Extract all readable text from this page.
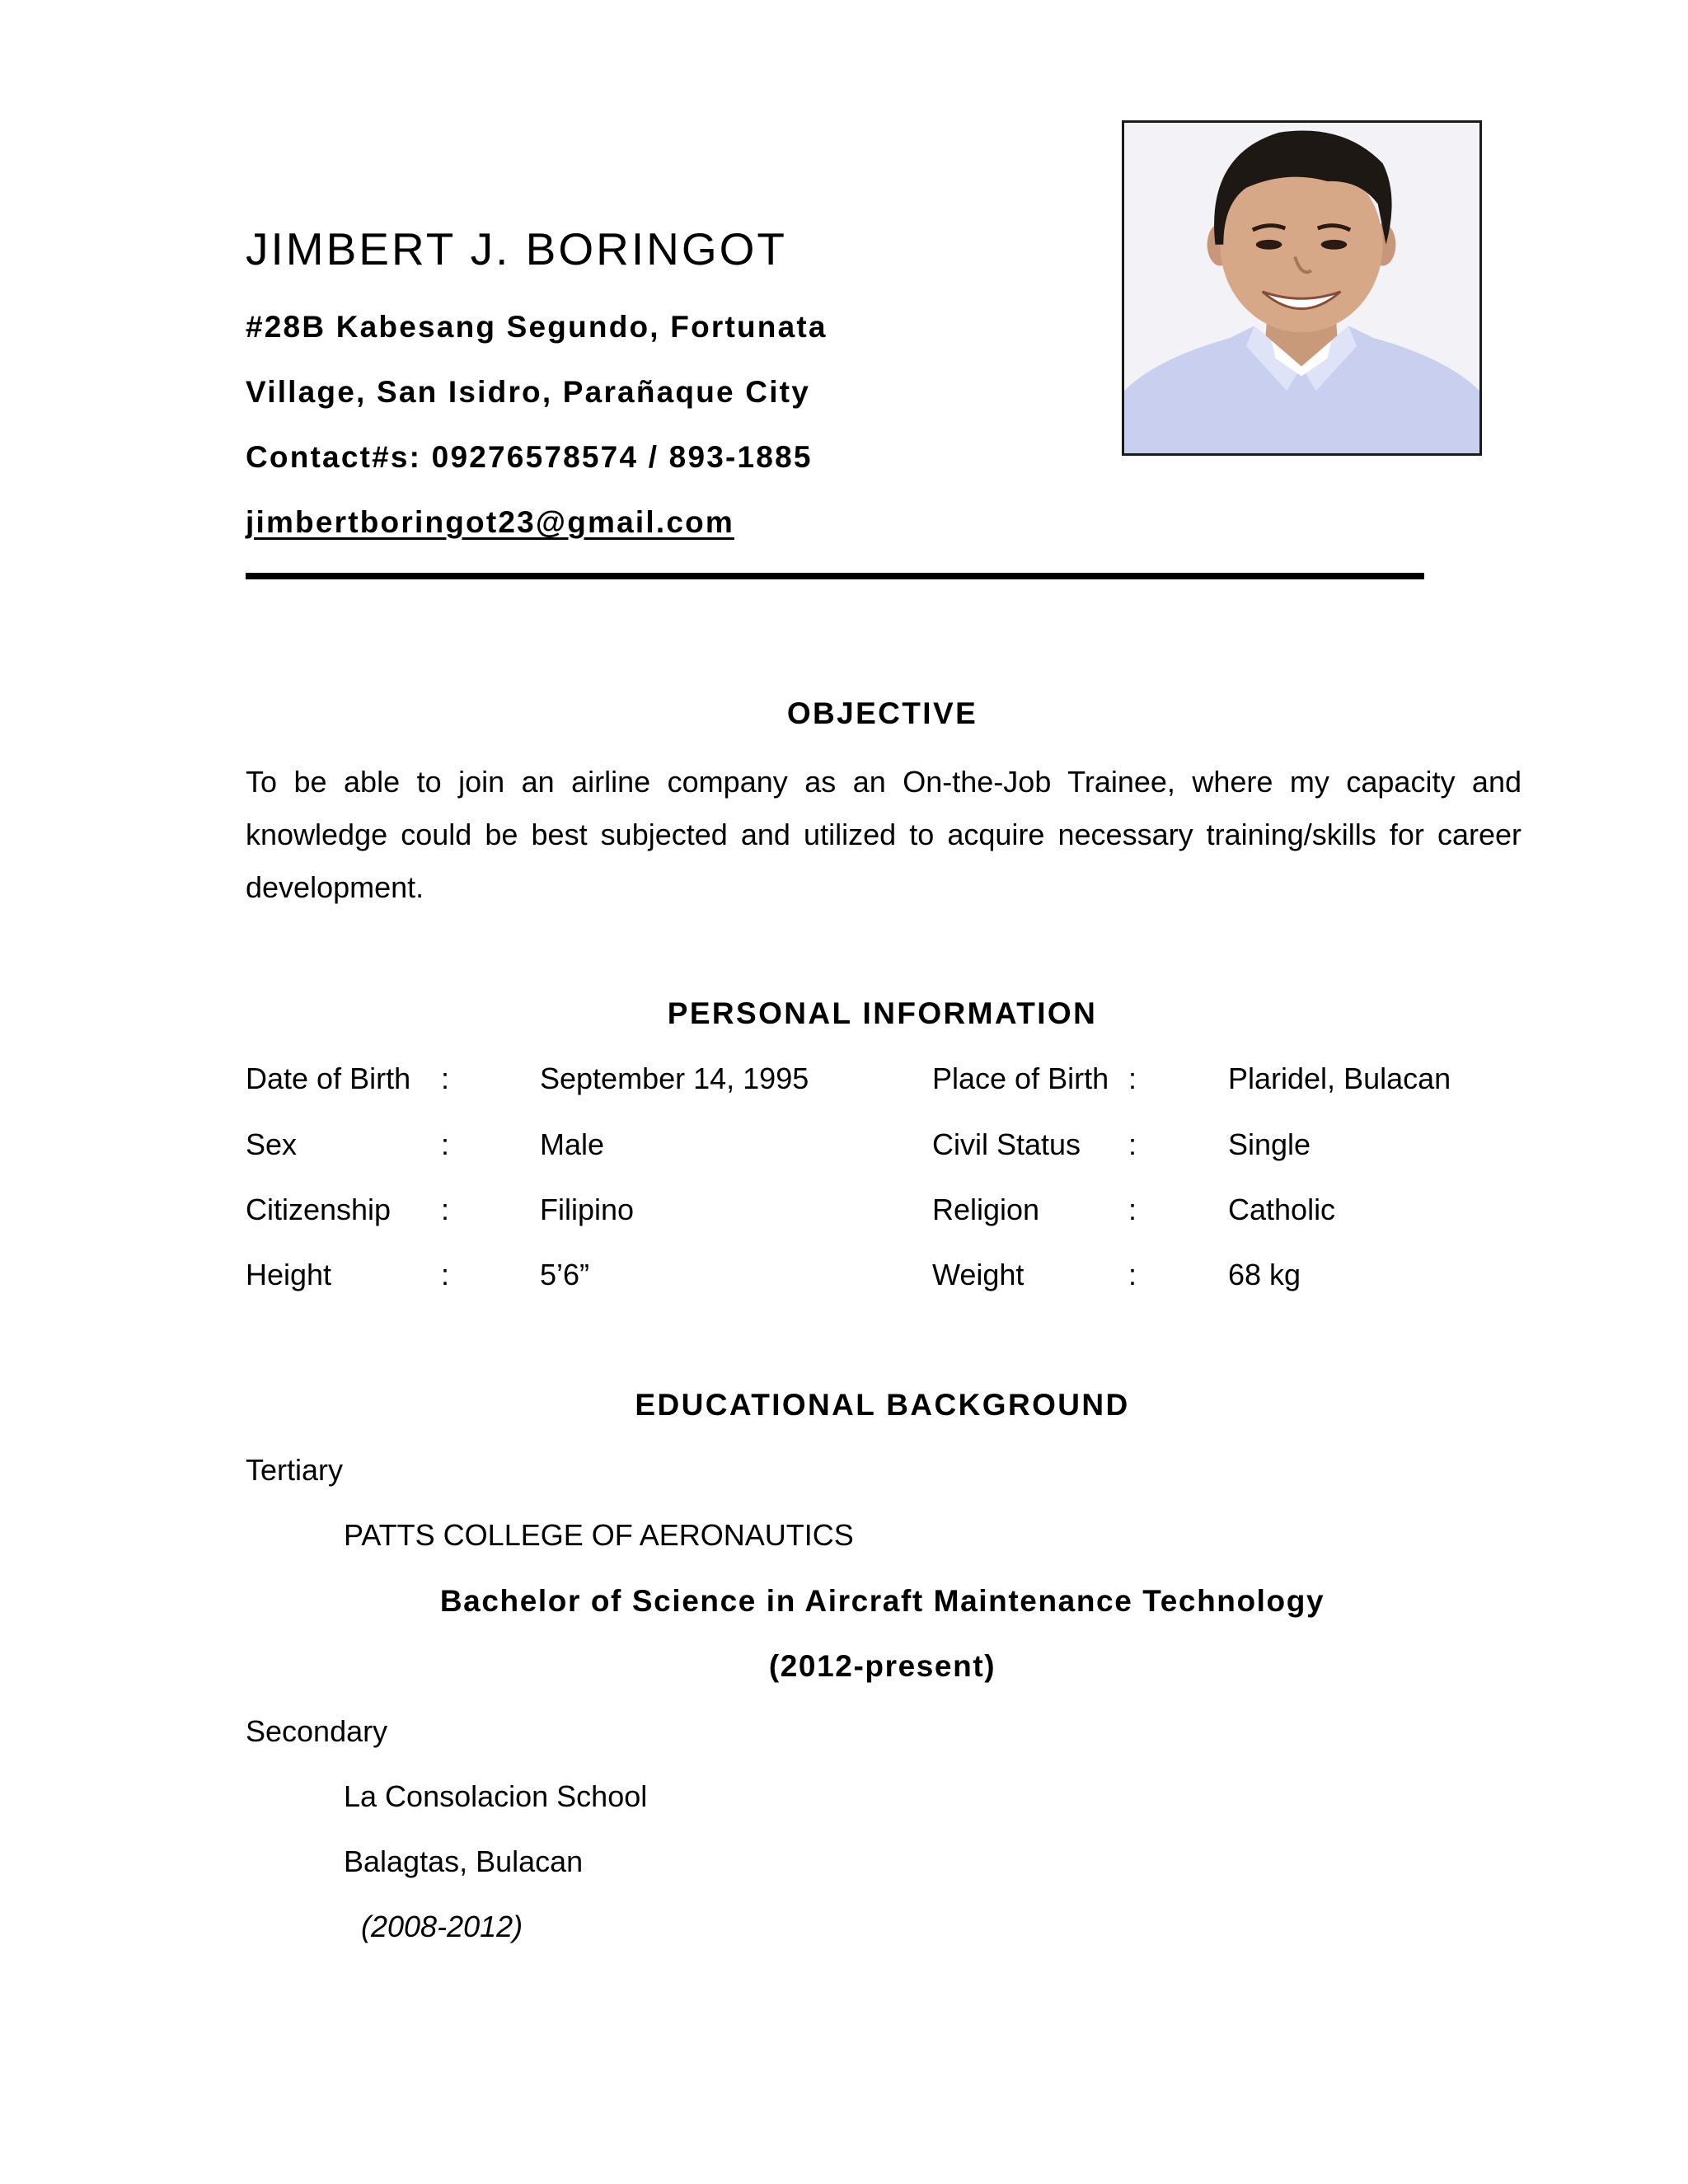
JIMBERT J. BORINGOT
#28B Kabesang Segundo, Fortunata
Village, San Isidro, Parañaque City
Contact#s: 09276578574 / 893-1885
jimbertboringot23@gmail.com
OBJECTIVE
To be able to join an airline company as an On-the-Job Trainee, where my capacity and knowledge could be best subjected and utilized to acquire necessary training/skills for career development.
PERSONAL INFORMATION
Date of Birth :	September 14, 1995	Place of Birth :	Plaridel, Bulacan
Sex	:	Male	Civil Status :	Single
Citizenship :	Filipino	Religion	:	Catholic
Height	:	5’6”	Weight	:	68 kg
EDUCATIONAL BACKGROUND
Tertiary
PATTS COLLEGE OF AERONAUTICS
Bachelor of Science in Aircraft Maintenance Technology
(2012-present)
Secondary
La Consolacion School
Balagtas, Bulacan
(2008-2012)
